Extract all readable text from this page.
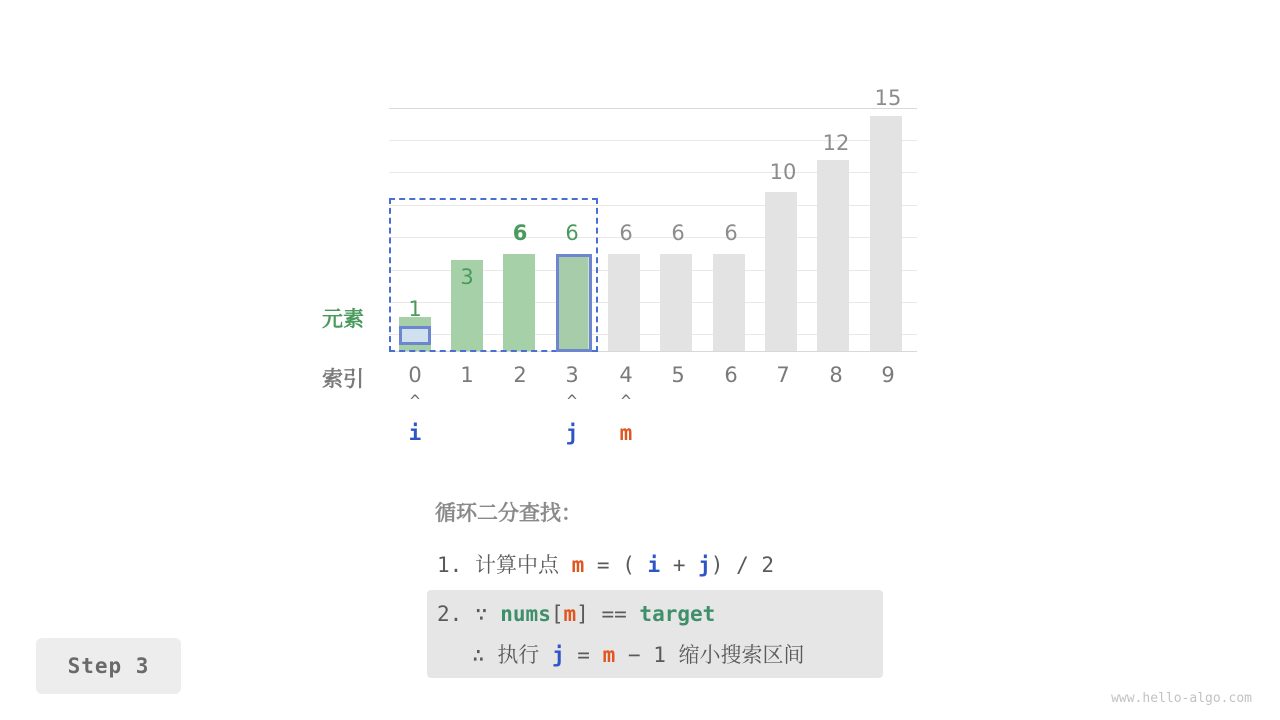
1
3
6	6	6	6	6
10
12
15
元素
索引	0	1	2	3	4	5	6	7	8	9
^
i
^
j
^
m
循环二分查找：
1. 计算中点 m = ( i + j) / 2
2. ∵ nums[m] == target
∴ 执行 j = m − 1 缩小搜索区间
Step 3
www.hello-algo.com
